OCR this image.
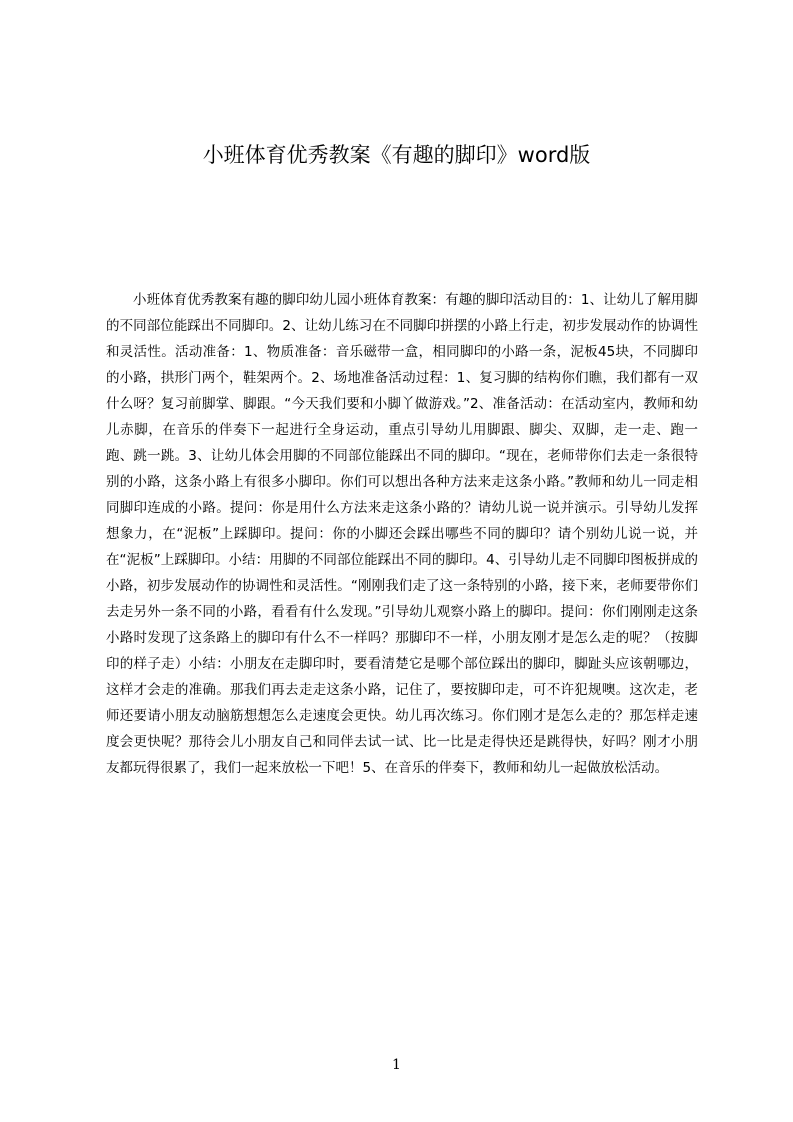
小班体育优秀教案《有趣的脚印》word版

小班体育优秀教案有趣的脚印幼儿园小班体育教案：有趣的脚印活动目的：1、让幼儿了解用脚的不同部位能踩出不同脚印。2、让幼儿练习在不同脚印拼摆的小路上行走，初步发展动作的协调性和灵活性。活动准备：1、物质准备：音乐磁带一盒，相同脚印的小路一条，泥板45块，不同脚印的小路，拱形门两个，鞋架两个。2、场地准备活动过程：1、复习脚的结构你们瞧，我们都有一双什么呀？复习前脚掌、脚跟。“今天我们要和小脚丫做游戏。”2、准备活动：在活动室内，教师和幼儿赤脚，在音乐的伴奏下一起进行全身运动，重点引导幼儿用脚跟、脚尖、双脚，走一走、跑一跑、跳一跳。3、让幼儿体会用脚的不同部位能踩出不同的脚印。“现在，老师带你们去走一条很特别的小路，这条小路上有很多小脚印。你们可以想出各种方法来走这条小路。”教师和幼儿一同走相同脚印连成的小路。提问：你是用什么方法来走这条小路的？请幼儿说一说并演示。引导幼儿发挥想象力，在“泥板”上踩脚印。提问：你的小脚还会踩出哪些不同的脚印？请个别幼儿说一说，并在“泥板”上踩脚印。小结：用脚的不同部位能踩出不同的脚印。4、引导幼儿走不同脚印图板拼成的小路，初步发展动作的协调性和灵活性。“刚刚我们走了这一条特别的小路，接下来，老师要带你们去走另外一条不同的小路，看看有什么发现。”引导幼儿观察小路上的脚印。提问：你们刚刚走这条小路时发现了这条路上的脚印有什么不一样吗？那脚印不一样，小朋友刚才是怎么走的呢？（按脚印的样子走）小结：小朋友在走脚印时，要看清楚它是哪个部位踩出的脚印，脚趾头应该朝哪边，这样才会走的准确。那我们再去走走这条小路，记住了，要按脚印走，可不许犯规噢。这次走，老师还要请小朋友动脑筋想想怎么走速度会更快。幼儿再次练习。你们刚才是怎么走的？那怎样走速度会更快呢？那待会儿小朋友自己和同伴去试一试、比一比是走得快还是跳得快，好吗？刚才小朋友都玩得很累了，我们一起来放松一下吧！5、在音乐的伴奏下，教师和幼儿一起做放松活动。

1
